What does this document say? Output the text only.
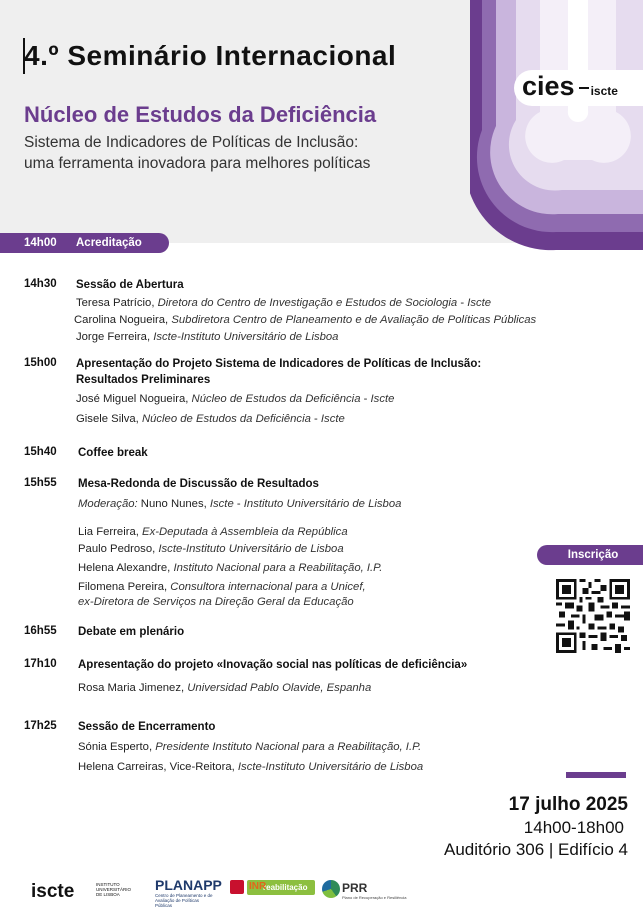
4.º Seminário Internacional
Núcleo de Estudos da Deficiência
Sistema de Indicadores de Políticas de Inclusão:
uma ferramenta inovadora para melhores políticas
cies iscte
14h00	Acreditação
14h30 Sessão de Abertura
Teresa Patrício, Diretora do Centro de Investigação e Estudos de Sociologia - Iscte
Carolina Nogueira, Subdiretora Centro de Planeamento e de Avaliação de Políticas Públicas
Jorge Ferreira, Iscte-Instituto Universitário de Lisboa
15h00 Apresentação do Projeto Sistema de Indicadores de Políticas de Inclusão:
Resultados Preliminares
José Miguel Nogueira, Núcleo de Estudos da Deficiência - Iscte
Gisele Silva, Núcleo de Estudos da Deficiência - Iscte
15h40 Coffee break
15h55 Mesa-Redonda de Discussão de Resultados
Moderação: Nuno Nunes, Iscte - Instituto Universitário de Lisboa
Lia Ferreira, Ex-Deputada à Assembleia da República
Paulo Pedroso, Iscte-Instituto Universitário de Lisboa
Helena Alexandre, Instituto Nacional para a Reabilitação, I.P.
Filomena Pereira, Consultora internacional para a Unicef,
ex-Diretora de Serviços na Direção Geral da Educação
16h55 Debate em plenário
17h10 Apresentação do projeto «Inovação social nas políticas de deficiência»
Rosa Maria Jimenez, Universidad Pablo Olavide, Espanha
17h25 Sessão de Encerramento
Sónia Esperto, Presidente Instituto Nacional para a Reabilitação, I.P.
Helena Carreiras, Vice-Reitora, Iscte-Instituto Universitário de Lisboa
Inscrição
17 julho 2025
14h00-18h00
Auditório 306 | Edifício 4
iscte	INSTITUTO UNIVERSITÁRIO DE LISBOA
PLANAPP
Centro de Planeamento e de Avaliação de Políticas Públicas
reabilitação
INR	PRR
Plano de Recuperação e Resiliência
